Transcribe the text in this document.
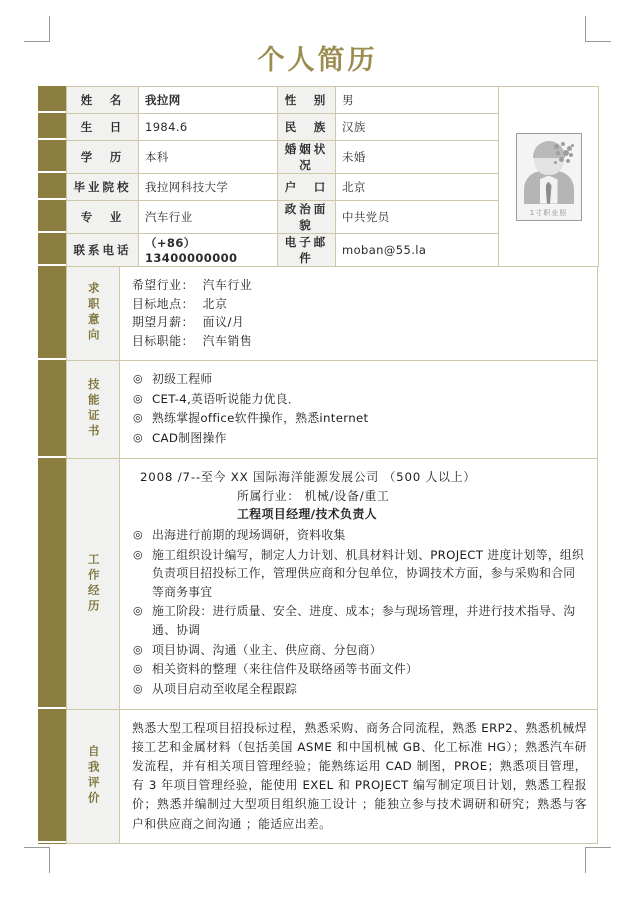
个人简历
姓　名	我拉网	性　别	男	1寸职业照

生　日	1984.6	民　族	汉族	
学　历	本科	婚姻状况	未婚	
毕业院校	我拉网科技大学	户　口	北京	
专　业	汽车行业	政治面貌	中共党员	
联系电话	（+86）13400000000	电子邮件	moban@55.la	
求职意向	希望行业：  汽车行业
目标地点：  北京
期望月薪：  面议/月
目标职能：  汽车销售
技能证书	◎ 初级工程师
◎ CET-4,英语听说能力优良．
◎ 熟练掌握office软件操作，熟悉internet
◎ CAD制图操作
工作经历
2008 /7--至今 XX 国际海洋能源发展公司 （500 人以上）
所属行业： 机械/设备/重工
工程项目经理/技术负责人
◎ 出海进行前期的现场调研，资料收集
◎ 施工组织设计编写，制定人力计划、机具材料计划、PROJECT 进度计划等，组织负责项目招投标工作，管理供应商和分包单位，协调技术方面，参与采购和合同等商务事宜
◎ 施工阶段：进行质量、安全、进度、成本；参与现场管理，并进行技术指导、沟通、协调
◎ 项目协调、沟通（业主、供应商、分包商）
◎ 相关资料的整理（来往信件及联络函等书面文件）
◎ 从项目启动至收尾全程跟踪
自我评价
熟悉大型工程项目招投标过程，熟悉采购、商务合同流程，熟悉 ERP2、熟悉机械焊接工艺和金属材料（包括美国 ASME 和中国机械 GB、化工标准 HG）；熟悉汽车研发流程，并有相关项目管理经验；能熟练运用 CAD 制图，PROE；熟悉项目管理，有 3 年项目管理经验，能使用 EXEL 和 PROJECT 编写制定项目计划，熟悉工程报价；熟悉并编制过大型项目组织施工设计 ；能独立参与技术调研和研究；熟悉与客户和供应商之间沟通 ；能适应出差。
